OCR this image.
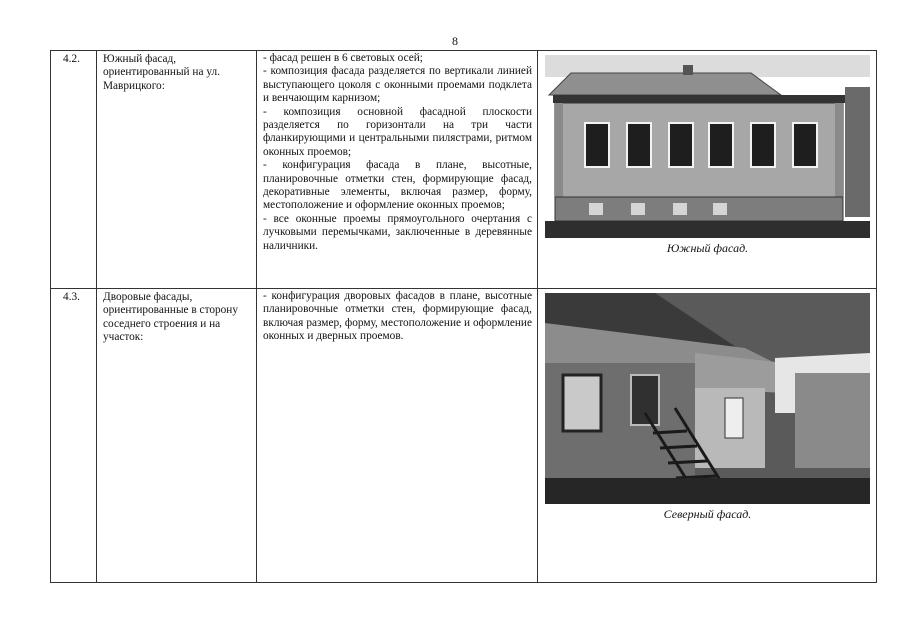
8
4.2.	Южный фасад, ориентированный на ул. Маврицкого:	- фасад решен в 6 световых осей;

- композиция фасада разделяется по вертикали линией выступающего цоколя с оконными проемами подклета и венчающим карнизом;

- композиция основной фасадной плоскости разделяется по горизонтали на три части фланкирующими и центральными пилястрами, ритмом оконных проемов;

- конфигурация фасада в плане, высотные, планировочные отметки стен, формирующие фасад, декоративные элементы, включая размер, форму, местоположение и оформление оконных проемов;

- все оконные проемы прямоугольного очертания с лучковыми перемычками, заключенные в деревянные наличники.	Южный фасад.

4.3.	Дворовые фасады, ориентированные в сторону соседнего строения и на участок:	- конфигурация дворовых фасадов в плане, высотные планировочные отметки стен, формирующие фасад, включая размер, форму, местоположение и оформление оконных и дверных проемов.	Северный фасад.
